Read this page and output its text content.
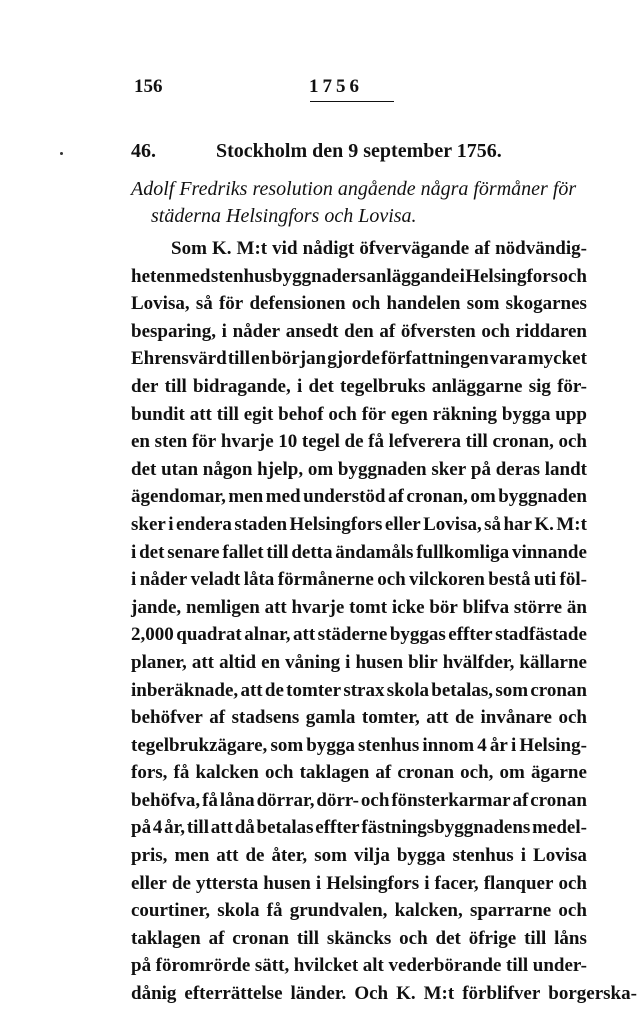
156	1756
46.	Stockholm den 9 september 1756.
Adolf Fredriks resolution angående några förmåner för
städerna Helsingfors och Lovisa.
Som K. M:t vid nådigt öfvervägande af nödvändig-
heten med stenhusbyggnaders anläggande i Helsingfors och
Lovisa, så för defensionen och handelen som skogarnes
besparing, i nåder ansedt den af öfversten och riddaren
Ehrensvärd till en början gjorde författningen vara mycket
der till bidragande, i det tegelbruks anläggarne sig för-
bundit att till egit behof och för egen räkning bygga upp
en sten för hvarje 10 tegel de få lefverera till cronan, och
det utan någon hjelp, om byggnaden sker på deras landt
ägendomar, men med understöd af cronan, om byggnaden
sker i endera staden Helsingfors eller Lovisa, så har K. M:t
i det senare fallet till detta ändamåls fullkomliga vinnande
i nåder veladt låta förmånerne och vilckoren bestå uti föl-
jande, nemligen att hvarje tomt icke bör blifva större än
2,000 quadrat alnar, att städerne byggas effter stadfästade
planer, att altid en våning i husen blir hvälfder, källarne
inberäknade, att de tomter strax skola betalas, som cronan
behöfver af stadsens gamla tomter, att de invånare och
tegelbrukzägare, som bygga stenhus innom 4 år i Helsing-
fors, få kalcken och taklagen af cronan och, om ägarne
behöfva, få låna dörrar, dörr- och fönsterkarmar af cronan
på 4 år, till att då betalas effter fästningsbyggnadens medel-
pris, men att de åter, som vilja bygga stenhus i Lovisa
eller de yttersta husen i Helsingfors i facer, flanquer och
courtiner, skola få grundvalen, kalcken, sparrarne och
taklagen af cronan till skäncks och det öfrige till låns
på föromrörde sätt, hvilcket alt vederbörande till under-
dånig efterrättelse länder. Och K. M:t förblifver borgerska-
